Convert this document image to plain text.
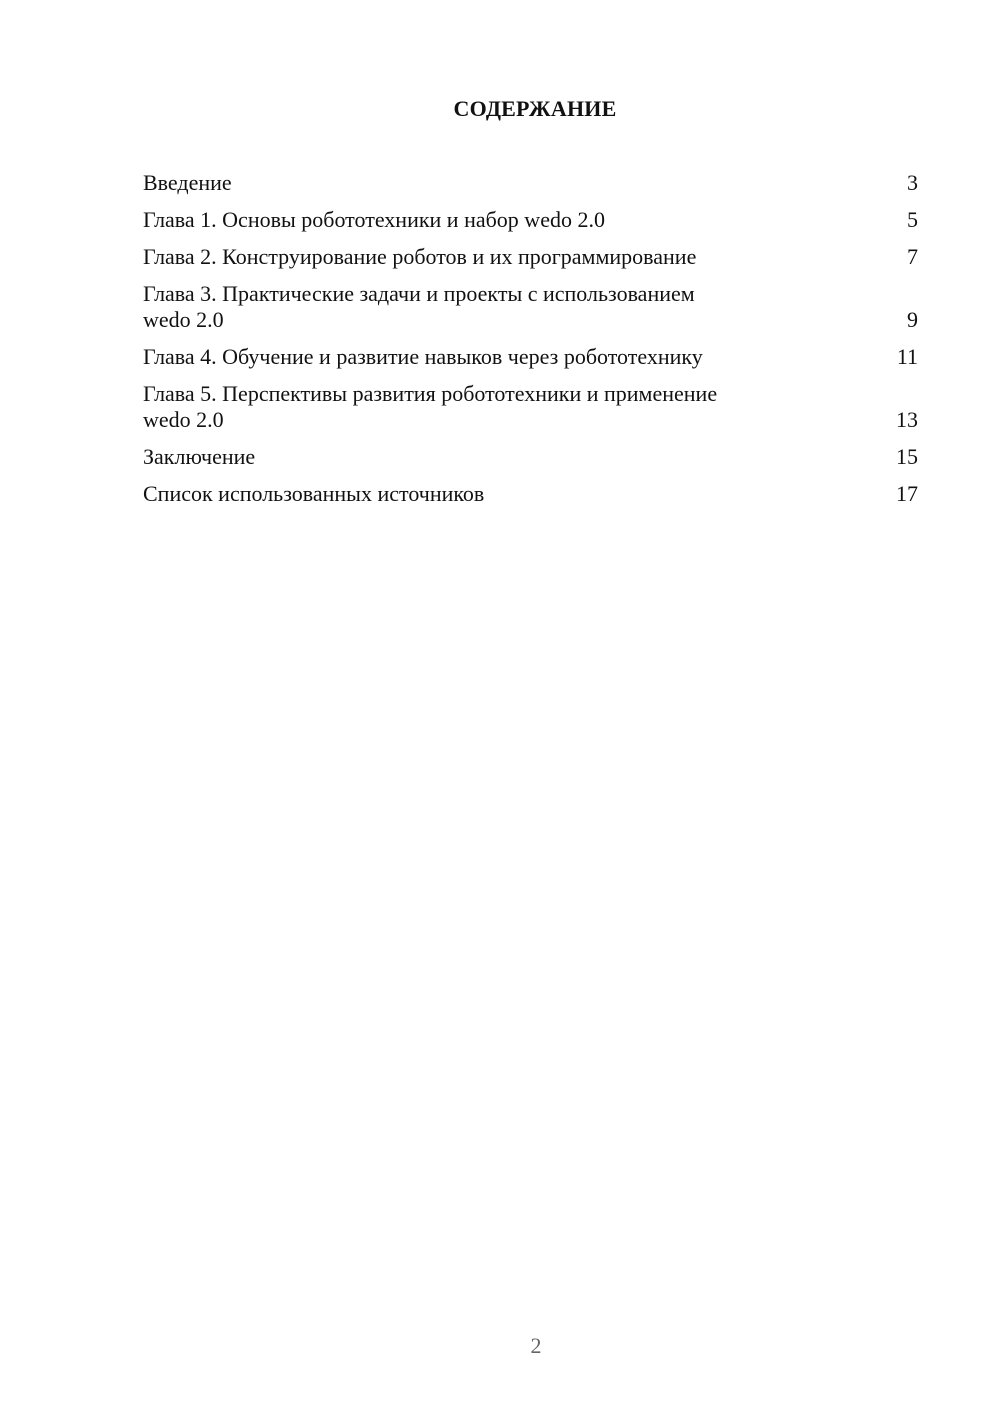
СОДЕРЖАНИЕ
Введение	3
Глава 1. Основы робототехники и набор wedo 2.0	5
Глава 2. Конструирование роботов и их программирование	7
Глава 3. Практические задачи и проекты с использованием
wedo 2.0	9
Глава 4. Обучение и развитие навыков через робототехнику	11
Глава 5. Перспективы развития робототехники и применение
wedo 2.0	13
Заключение	15
Список использованных источников	17
2
